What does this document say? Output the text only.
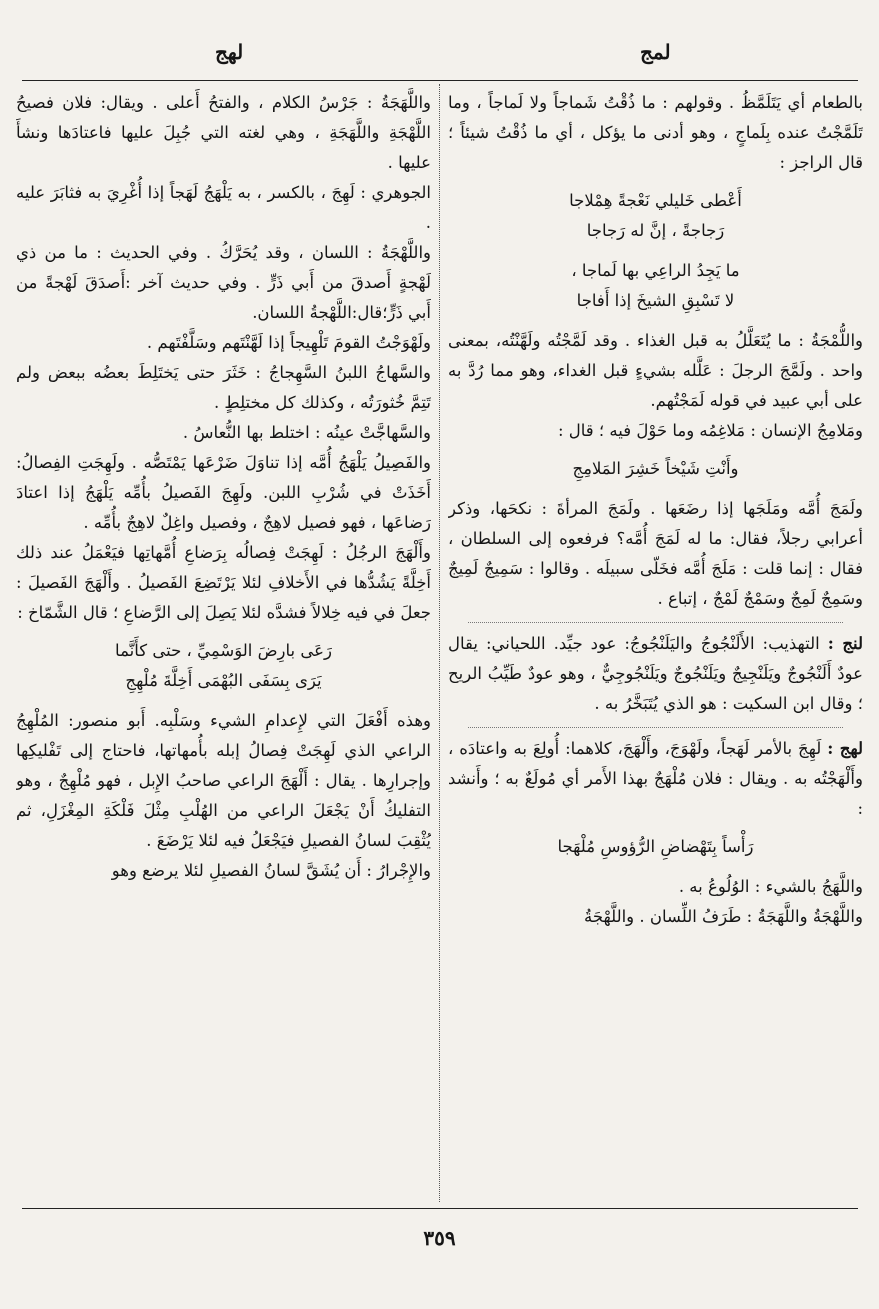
لمج
لهج

بالطعام أي يَتَلَمَّظُ . وقولهم : ما ذُقْتُ شَماجاً ولا لَماجاً ، وما تَلَمَّجْتُ عنده بِلَماجٍ ، وهو أدنى ما يؤكل ، أي ما ذُقْتُ شيئاً ؛ قال الراجز :

أَعْطى خَليلي نَعْجةً هِمْلاجا
رَجاجةً ، إنَّ له رَجاجا
ما يَجِدُ الراعِي بها لَماجا ،
لا تَسْبِقِ الشيخَ إذا أَفاجا

واللُّمْجَةُ : ما يُتَعَلَّلُ به قبل الغذاء . وقد لَمَّجْتُه ولَهَّنْتُه، بمعنى واحد . ولَمَّجَ الرجلَ : عَلَّله بشيءٍ قبل الغداء، وهو مما رُدَّ به على أبي عبيد في قوله لَمَجْتُهم.

ومَلامِجُ الإنسان : مَلاغِمُه وما حَوْلَ فيه ؛ قال :

وأَنْتِ شَيْخاً خَشِرَ المَلامِجِ

ولَمَجَ أُمَّه ومَلَجَها إذا رضَعَها . ولَمَجَ المرأةَ : نكحَها، وذكر أعرابي رجلاً، فقال: ما له لَمَجَ أُمَّه؟ فرفعوه إلى السلطان ، فقال : إنما قلت : مَلَجَ أُمَّه فخَلّى سبيلَه . وقالوا : سَمِيجٌ لَمِيجٌ وسَمِجٌ لَمِجٌ وسَمْجٌ لَمْجٌ ، إتباع .

لنج : التهذيب: الأَلَنْجُوجُ واليَلَنْجُوجُ: عود جيِّد. اللحياني: يقال عودٌ أَلَنْجُوجٌ ويَلَنْجِيجٌ ويَلَنْجُوجٌ ويَلَنْجُوجِيٌّ ، وهو عودٌ طَيِّبُ الريح ؛ وقال ابن السكيت : هو الذي يُتَبَخَّرُ به .

لهج : لَهِجَ بالأمر لَهَجاً، ولَهْوَجَ، وأَلْهَجَ، كلاهما: أُولِعَ به واعتادَه ، وأَلْهَجْتُه به . ويقال : فلان مُلْهَجٌ بهذا الأَمر أي مُولَعٌ به ؛ وأَنشد :

رَأْساً بِتَهْضاضِ الرُّؤوسِ مُلْهَجا

واللَّهَجُ بالشيء : الوُلُوعُ به .

واللَّهْجَةُ واللَّهَجَةُ : طَرَفُ اللِّسان . واللَّهْجَةُ

واللَّهَجَةُ : جَرْسُ الكلام ، والفتحُ أَعلى . ويقال: فلان فصيحُ اللَّهْجَةِ واللَّهَجَةِ ، وهي لغته التي جُبِلَ عليها فاعتادَها ونشأَ عليها .

الجوهري : لَهِجَ ، بالكسر ، به يَلْهَجُ لَهَجاً إذا أُغْرِيَ به فثابَرَ عليه .

واللَّهْجَةُ : اللسان ، وقد يُحَرَّكُ . وفي الحديث : ما من ذي لَهْجةٍ أَصدقَ من أَبي ذَرٍّ . وفي حديث آخر :أَصدَقَ لَهْجةً من أَبي ذَرٍّ؛قال:اللَّهْجةُ اللسان.

ولَهْوَجْتُ القومَ تَلْهِيجاً إذا لَهَّنْتَهم وسَلَّفْتَهم .

والسَّهاجُ اللبنُ السَّهِجاجُ : خَثَرَ حتى يَختَلِطَ بعضُه ببعض ولم تَتِمَّ خُثورَتُه ، وكذلك كل مختلِطٍ .

والسَّهاجَّتْ عينُه : اختلط بها النُّعاسُ .

والفَصِيلُ يَلْهَجُ أُمَّه إذا تناوَلَ ضَرْعَها يَمْتَصُّه . ولَهِجَتِ الفِصالُ: أَخَذَتْ في شُرْبِ اللبن. ولَهِجَ الفَصيلُ بأُمِّه يَلْهَجُ إذا اعتادَ رَضاعَها ، فهو فصيل لاهِجٌ ، وفصيل واغِلٌ لاهِجٌ بأُمِّه .

وأَلْهَجَ الرجُلُ : لَهِجَتْ فِصالُه بِرَضاعِ أُمَّهاتِها فيَعْمَلُ عند ذلك أَخِلَّةً يَشُدُّها في الأَخلافِ لئلا يَرْتَضِعَ الفَصيلُ . وأَلْهَجَ الفَصيلَ : جعلَ في فيه خِلالاً فشدَّه لئلا يَصِلَ إلى الرَّضاعِ ؛ قال الشَّمّاخ :

رَعَى بارِضَ الوَسْمِيِّ ، حتى كأَنَّما
يَرَى بِسَفَى البُهْمَى أَخِلَّةَ مُلْهِجِ

وهذه أَفْعَلَ التي لإِعدامِ الشيء وسَلْبِه. أَبو منصور: المُلْهِجُ الراعي الذي لَهِجَتْ فِصالُ إبله بأُمهاتها، فاحتاج إلى تَفْليكِها وإجرارِها . يقال : أَلْهَجَ الراعي صاحبُ الإِبل ، فهو مُلْهِجٌ ، وهو التفليكُ أَنْ يَجْعَلَ الراعي من الهُلْبِ مِثْلَ فَلْكَةِ المِغْزَلِ، ثم يُثْقِبَ لسانُ الفصيلِ فيَجْعَلُ فيه لئلا يَرْضَعَ .

والإِجْرارُ : أَن يُشَقَّ لسانُ الفصيلِ لئلا يرضع وهو

٣٥٩
